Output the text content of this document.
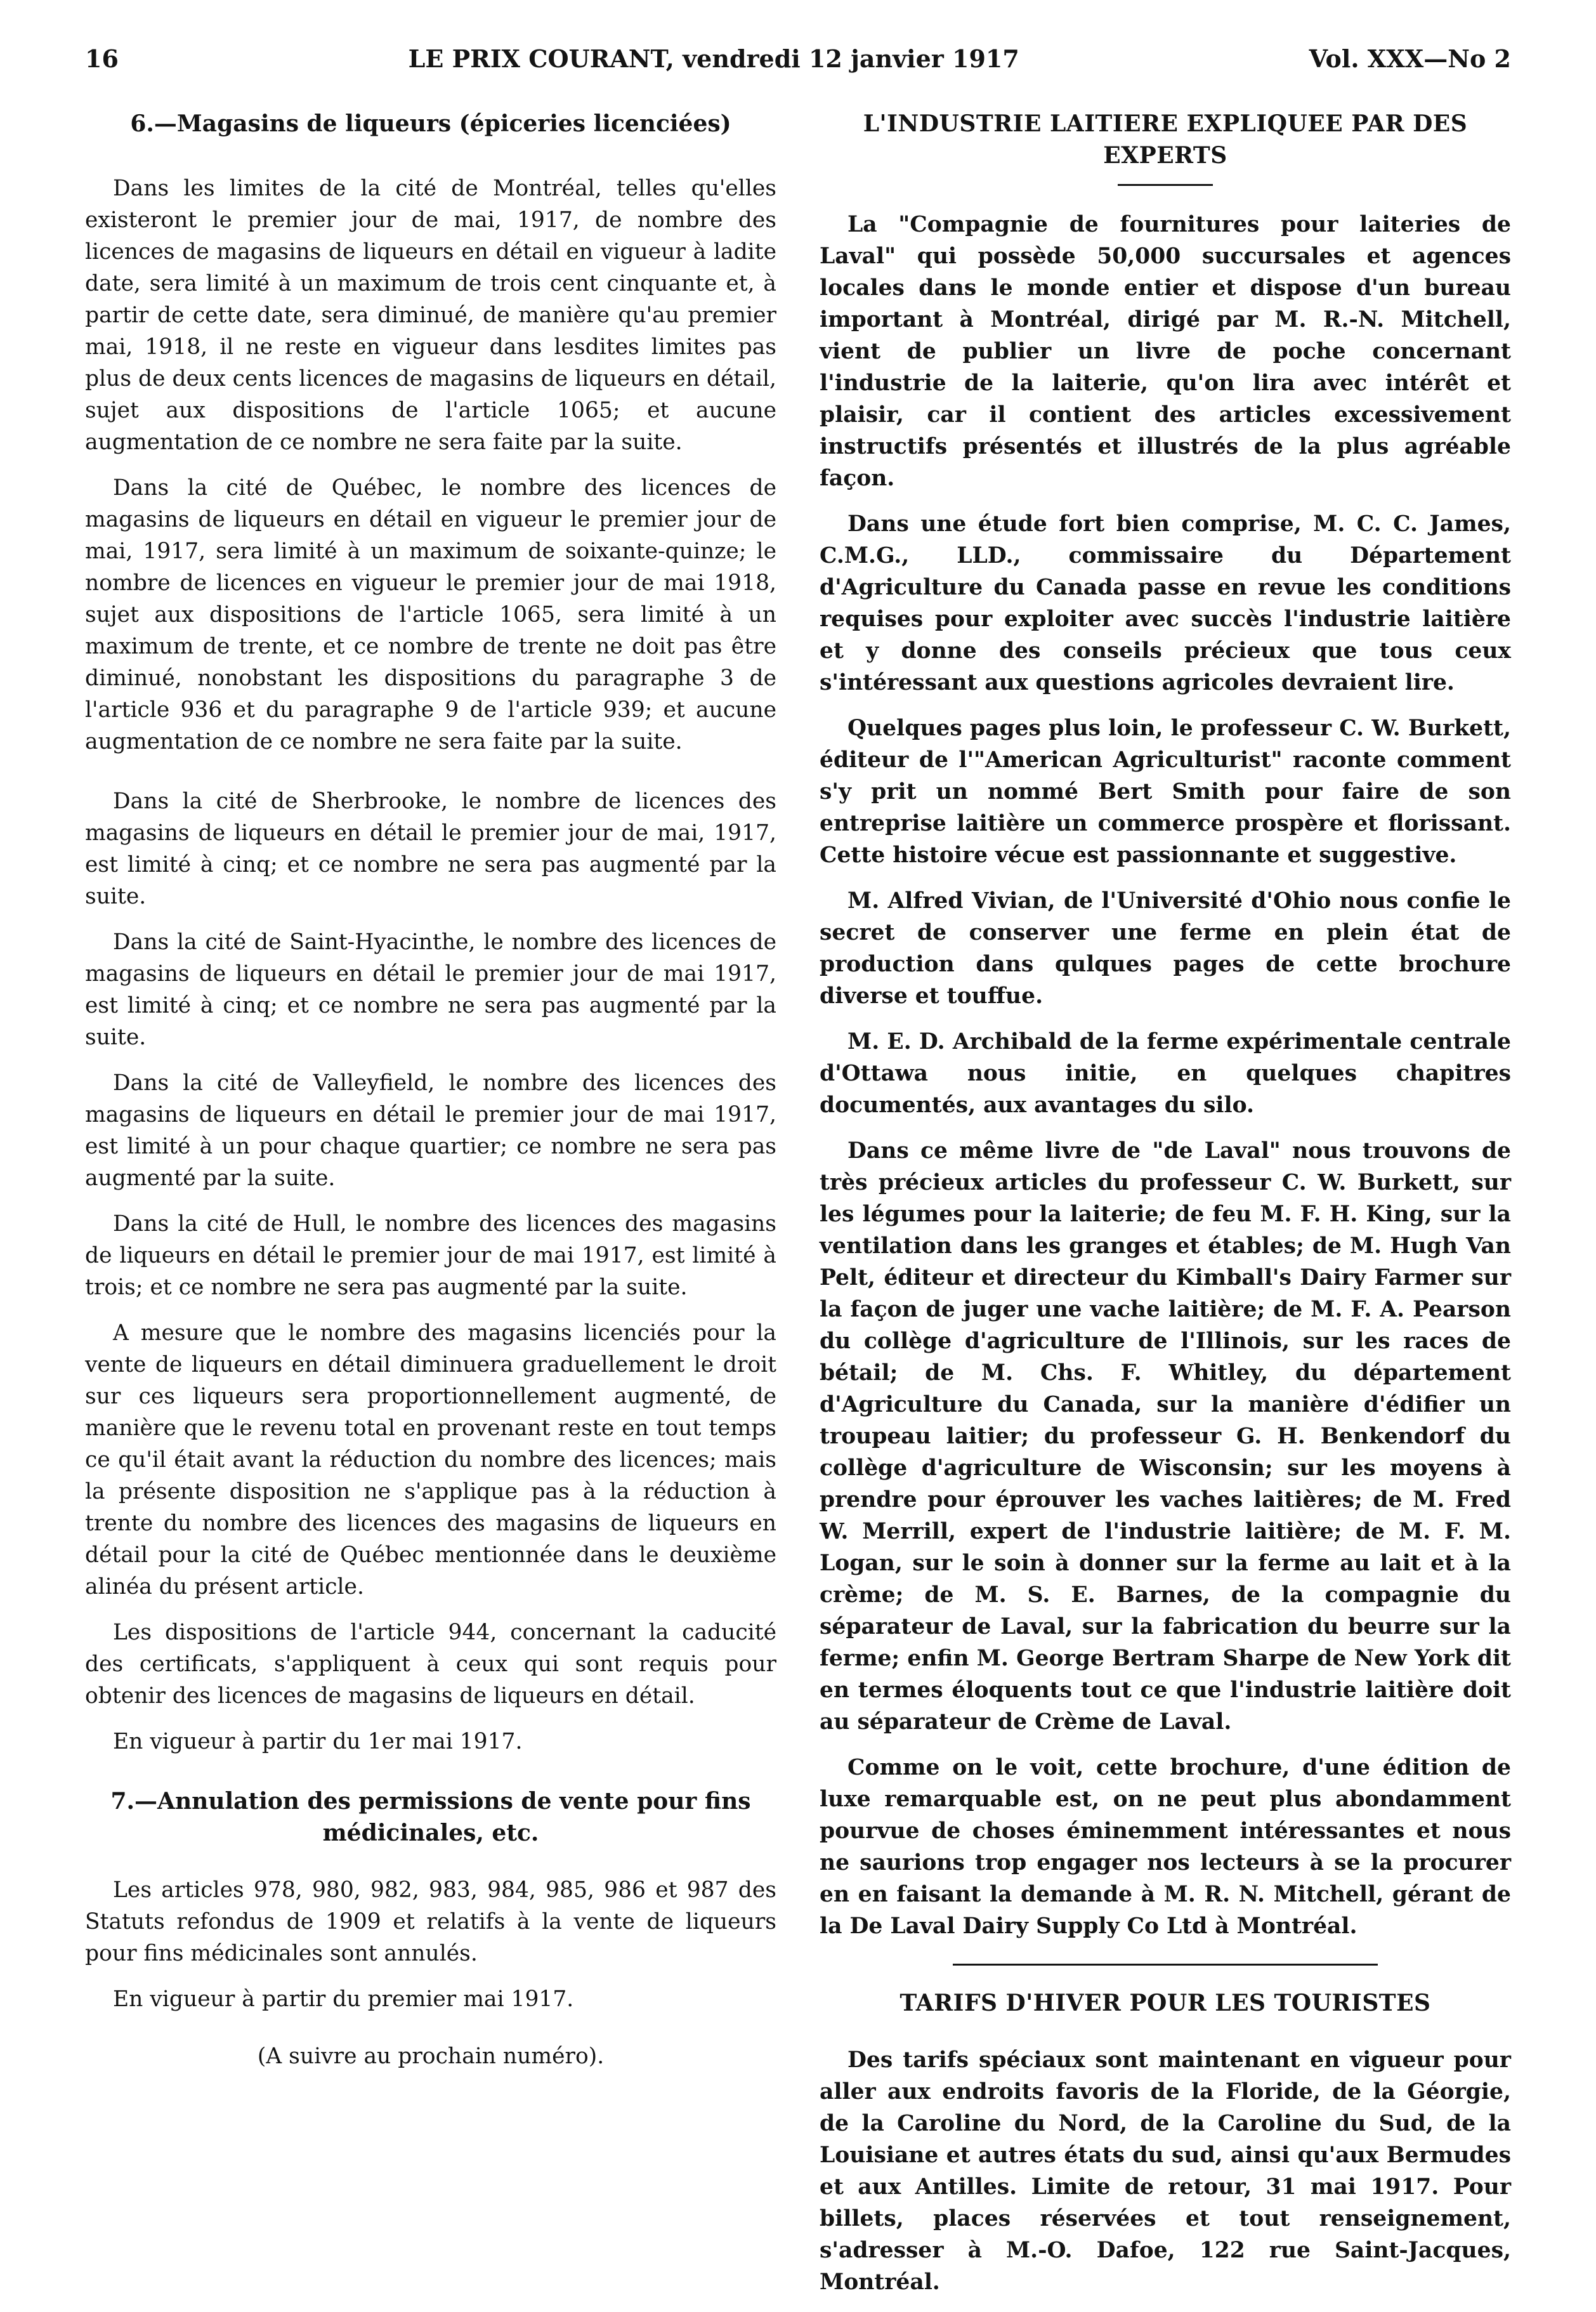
16	LE PRIX COURANT, vendredi 12 janvier 1917	Vol. XXX—No 2
6.—Magasins de liqueurs (épiceries licenciées)

Dans les limites de la cité de Montréal, telles qu'elles existeront le premier jour de mai, 1917, de nombre des licences de magasins de liqueurs en détail en vigueur à ladite date, sera limité à un maximum de trois cent cinquante et, à partir de cette date, sera diminué, de manière qu'au premier mai, 1918, il ne reste en vigueur dans lesdites limites pas plus de deux cents licences de magasins de liqueurs en détail, sujet aux dispositions de l'article 1065; et aucune augmentation de ce nombre ne sera faite par la suite.

Dans la cité de Québec, le nombre des licences de magasins de liqueurs en détail en vigueur le premier jour de mai, 1917, sera limité à un maximum de soixante-quinze; le nombre de licences en vigueur le premier jour de mai 1918, sujet aux dispositions de l'article 1065, sera limité à un maximum de trente, et ce nombre de trente ne doit pas être diminué, nonobstant les dispositions du paragraphe 3 de l'article 936 et du paragraphe 9 de l'article 939; et aucune augmentation de ce nombre ne sera faite par la suite.

Dans la cité de Sherbrooke, le nombre de licences des magasins de liqueurs en détail le premier jour de mai, 1917, est limité à cinq; et ce nombre ne sera pas augmenté par la suite.

Dans la cité de Saint-Hyacinthe, le nombre des licences de magasins de liqueurs en détail le premier jour de mai 1917, est limité à cinq; et ce nombre ne sera pas augmenté par la suite.

Dans la cité de Valleyfield, le nombre des licences des magasins de liqueurs en détail le premier jour de mai 1917, est limité à un pour chaque quartier; ce nombre ne sera pas augmenté par la suite.

Dans la cité de Hull, le nombre des licences des magasins de liqueurs en détail le premier jour de mai 1917, est limité à trois; et ce nombre ne sera pas augmenté par la suite.

A mesure que le nombre des magasins licenciés pour la vente de liqueurs en détail diminuera graduellement le droit sur ces liqueurs sera proportionnellement augmenté, de manière que le revenu total en provenant reste en tout temps ce qu'il était avant la réduction du nombre des licences; mais la présente disposition ne s'applique pas à la réduction à trente du nombre des licences des magasins de liqueurs en détail pour la cité de Québec mentionnée dans le deuxième alinéa du présent article.

Les dispositions de l'article 944, concernant la caducité des certificats, s'appliquent à ceux qui sont requis pour obtenir des licences de magasins de liqueurs en détail.

En vigueur à partir du 1er mai 1917.

7.—Annulation des permissions de vente pour fins médicinales, etc.

Les articles 978, 980, 982, 983, 984, 985, 986 et 987 des Statuts refondus de 1909 et relatifs à la vente de liqueurs pour fins médicinales sont annulés.

En vigueur à partir du premier mai 1917.

(A suivre au prochain numéro).

L'INDUSTRIE LAITIERE EXPLIQUEE PAR DES EXPERTS

La "Compagnie de fournitures pour laiteries de Laval" qui possède 50,000 succursales et agences locales dans le monde entier et dispose d'un bureau important à Montréal, dirigé par M. R.-N. Mitchell, vient de publier un livre de poche concernant l'industrie de la laiterie, qu'on lira avec intérêt et plaisir, car il contient des articles excessivement instructifs présentés et illustrés de la plus agréable façon.

Dans une étude fort bien comprise, M. C. C. James, C.M.G., LLD., commissaire du Département d'Agriculture du Canada passe en revue les conditions requises pour exploiter avec succès l'industrie laitière et y donne des conseils précieux que tous ceux s'intéressant aux questions agricoles devraient lire.

Quelques pages plus loin, le professeur C. W. Burkett, éditeur de l'"American Agriculturist" raconte comment s'y prit un nommé Bert Smith pour faire de son entreprise laitière un commerce prospère et florissant. Cette histoire vécue est passionnante et suggestive.

M. Alfred Vivian, de l'Université d'Ohio nous confie le secret de conserver une ferme en plein état de production dans qulques pages de cette brochure diverse et touffue.

M. E. D. Archibald de la ferme expérimentale centrale d'Ottawa nous initie, en quelques chapitres documentés, aux avantages du silo.

Dans ce même livre de "de Laval" nous trouvons de très précieux articles du professeur C. W. Burkett, sur les légumes pour la laiterie; de feu M. F. H. King, sur la ventilation dans les granges et étables; de M. Hugh Van Pelt, éditeur et directeur du Kimball's Dairy Farmer sur la façon de juger une vache laitière; de M. F. A. Pearson du collège d'agriculture de l'Illinois, sur les races de bétail; de M. Chs. F. Whitley, du département d'Agriculture du Canada, sur la manière d'édifier un troupeau laitier; du professeur G. H. Benkendorf du collège d'agriculture de Wisconsin; sur les moyens à prendre pour éprouver les vaches laitières; de M. Fred W. Merrill, expert de l'industrie laitière; de M. F. M. Logan, sur le soin à donner sur la ferme au lait et à la crème; de M. S. E. Barnes, de la compagnie du séparateur de Laval, sur la fabrication du beurre sur la ferme; enfin M. George Bertram Sharpe de New York dit en termes éloquents tout ce que l'industrie laitière doit au séparateur de Crème de Laval.

Comme on le voit, cette brochure, d'une édition de luxe remarquable est, on ne peut plus abondamment pourvue de choses éminemment intéressantes et nous ne saurions trop engager nos lecteurs à se la procurer en en faisant la demande à M. R. N. Mitchell, gérant de la De Laval Dairy Supply Co Ltd à Montréal.

TARIFS D'HIVER POUR LES TOURISTES

Des tarifs spéciaux sont maintenant en vigueur pour aller aux endroits favoris de la Floride, de la Géorgie, de la Caroline du Nord, de la Caroline du Sud, de la Louisiane et autres états du sud, ainsi qu'aux Bermudes et aux Antilles. Limite de retour, 31 mai 1917. Pour billets, places réservées et tout renseignement, s'adresser à M.-O. Dafoe, 122 rue Saint-Jacques, Montréal.
